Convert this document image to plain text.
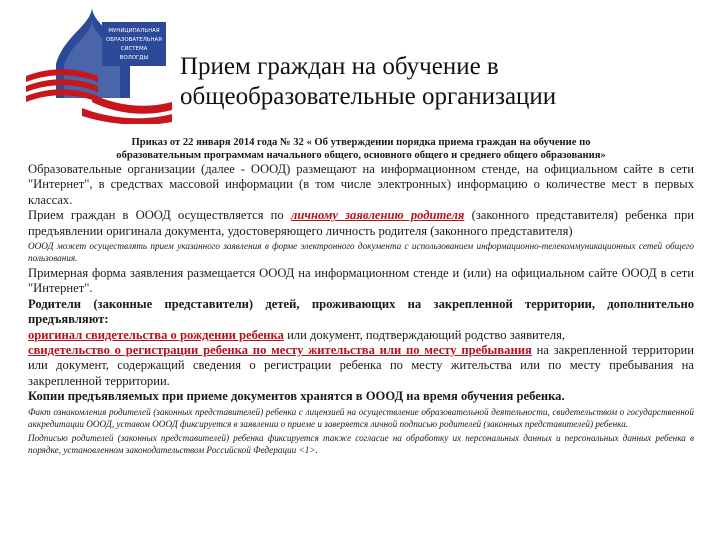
МУНИЦИПАЛЬНАЯ
ОБРАЗОВАТЕЛЬНАЯ
СИСТЕМА
ВОЛОГДЫ Прием граждан на обучение в
общеобразовательные организации
Приказ от 22 января 2014 года № 32 « Об утверждении порядка приема граждан на обучение по
образовательным программам начального общего, основного общего и среднего общего образования»

Образовательные организации (далее - ОООД) размещают на информационном стенде, на официальном сайте в сети "Интернет", в средствах массовой информации (в том числе электронных) информацию о количестве мест в первых классах.

Прием граждан в ОООД осуществляется по личному заявлению родителя (законного представителя) ребенка при предъявлении оригинала документа, удостоверяющего личность родителя (законного представителя)

ОООД может осуществлять прием указанного заявления в форме электронного документа с использованием информационно-телекоммуникационных сетей общего пользования.

Примерная форма заявления размещается ОООД на информационном стенде и (или) на официальном сайте ОООД в сети "Интернет".

Родители (законные представители) детей, проживающих на закрепленной территории, дополнительно предъявляют:

оригинал свидетельства о рождении ребенка или документ, подтверждающий родство заявителя,

свидетельство о регистрации ребенка по месту жительства или по месту пребывания на закрепленной территории или документ, содержащий сведения о регистрации ребенка по месту жительства или по месту пребывания на закрепленной территории.

Копии предъявляемых при приеме документов хранятся в ОООД на время обучения ребенка.

Факт ознакомления родителей (законных представителей) ребенка с лицензией на осуществление образовательной деятельности, свидетельством о государственной аккредитации ОООД, уставом ОООД фиксируется в заявлении о приеме и заверяется личной подписью родителей (законных представителей) ребенка.

Подписью родителей (законных представителей) ребенка фиксируется также согласие на обработку их персональных данных и персональных данных ребенка в порядке, установленном законодательством Российской Федерации <1>.
